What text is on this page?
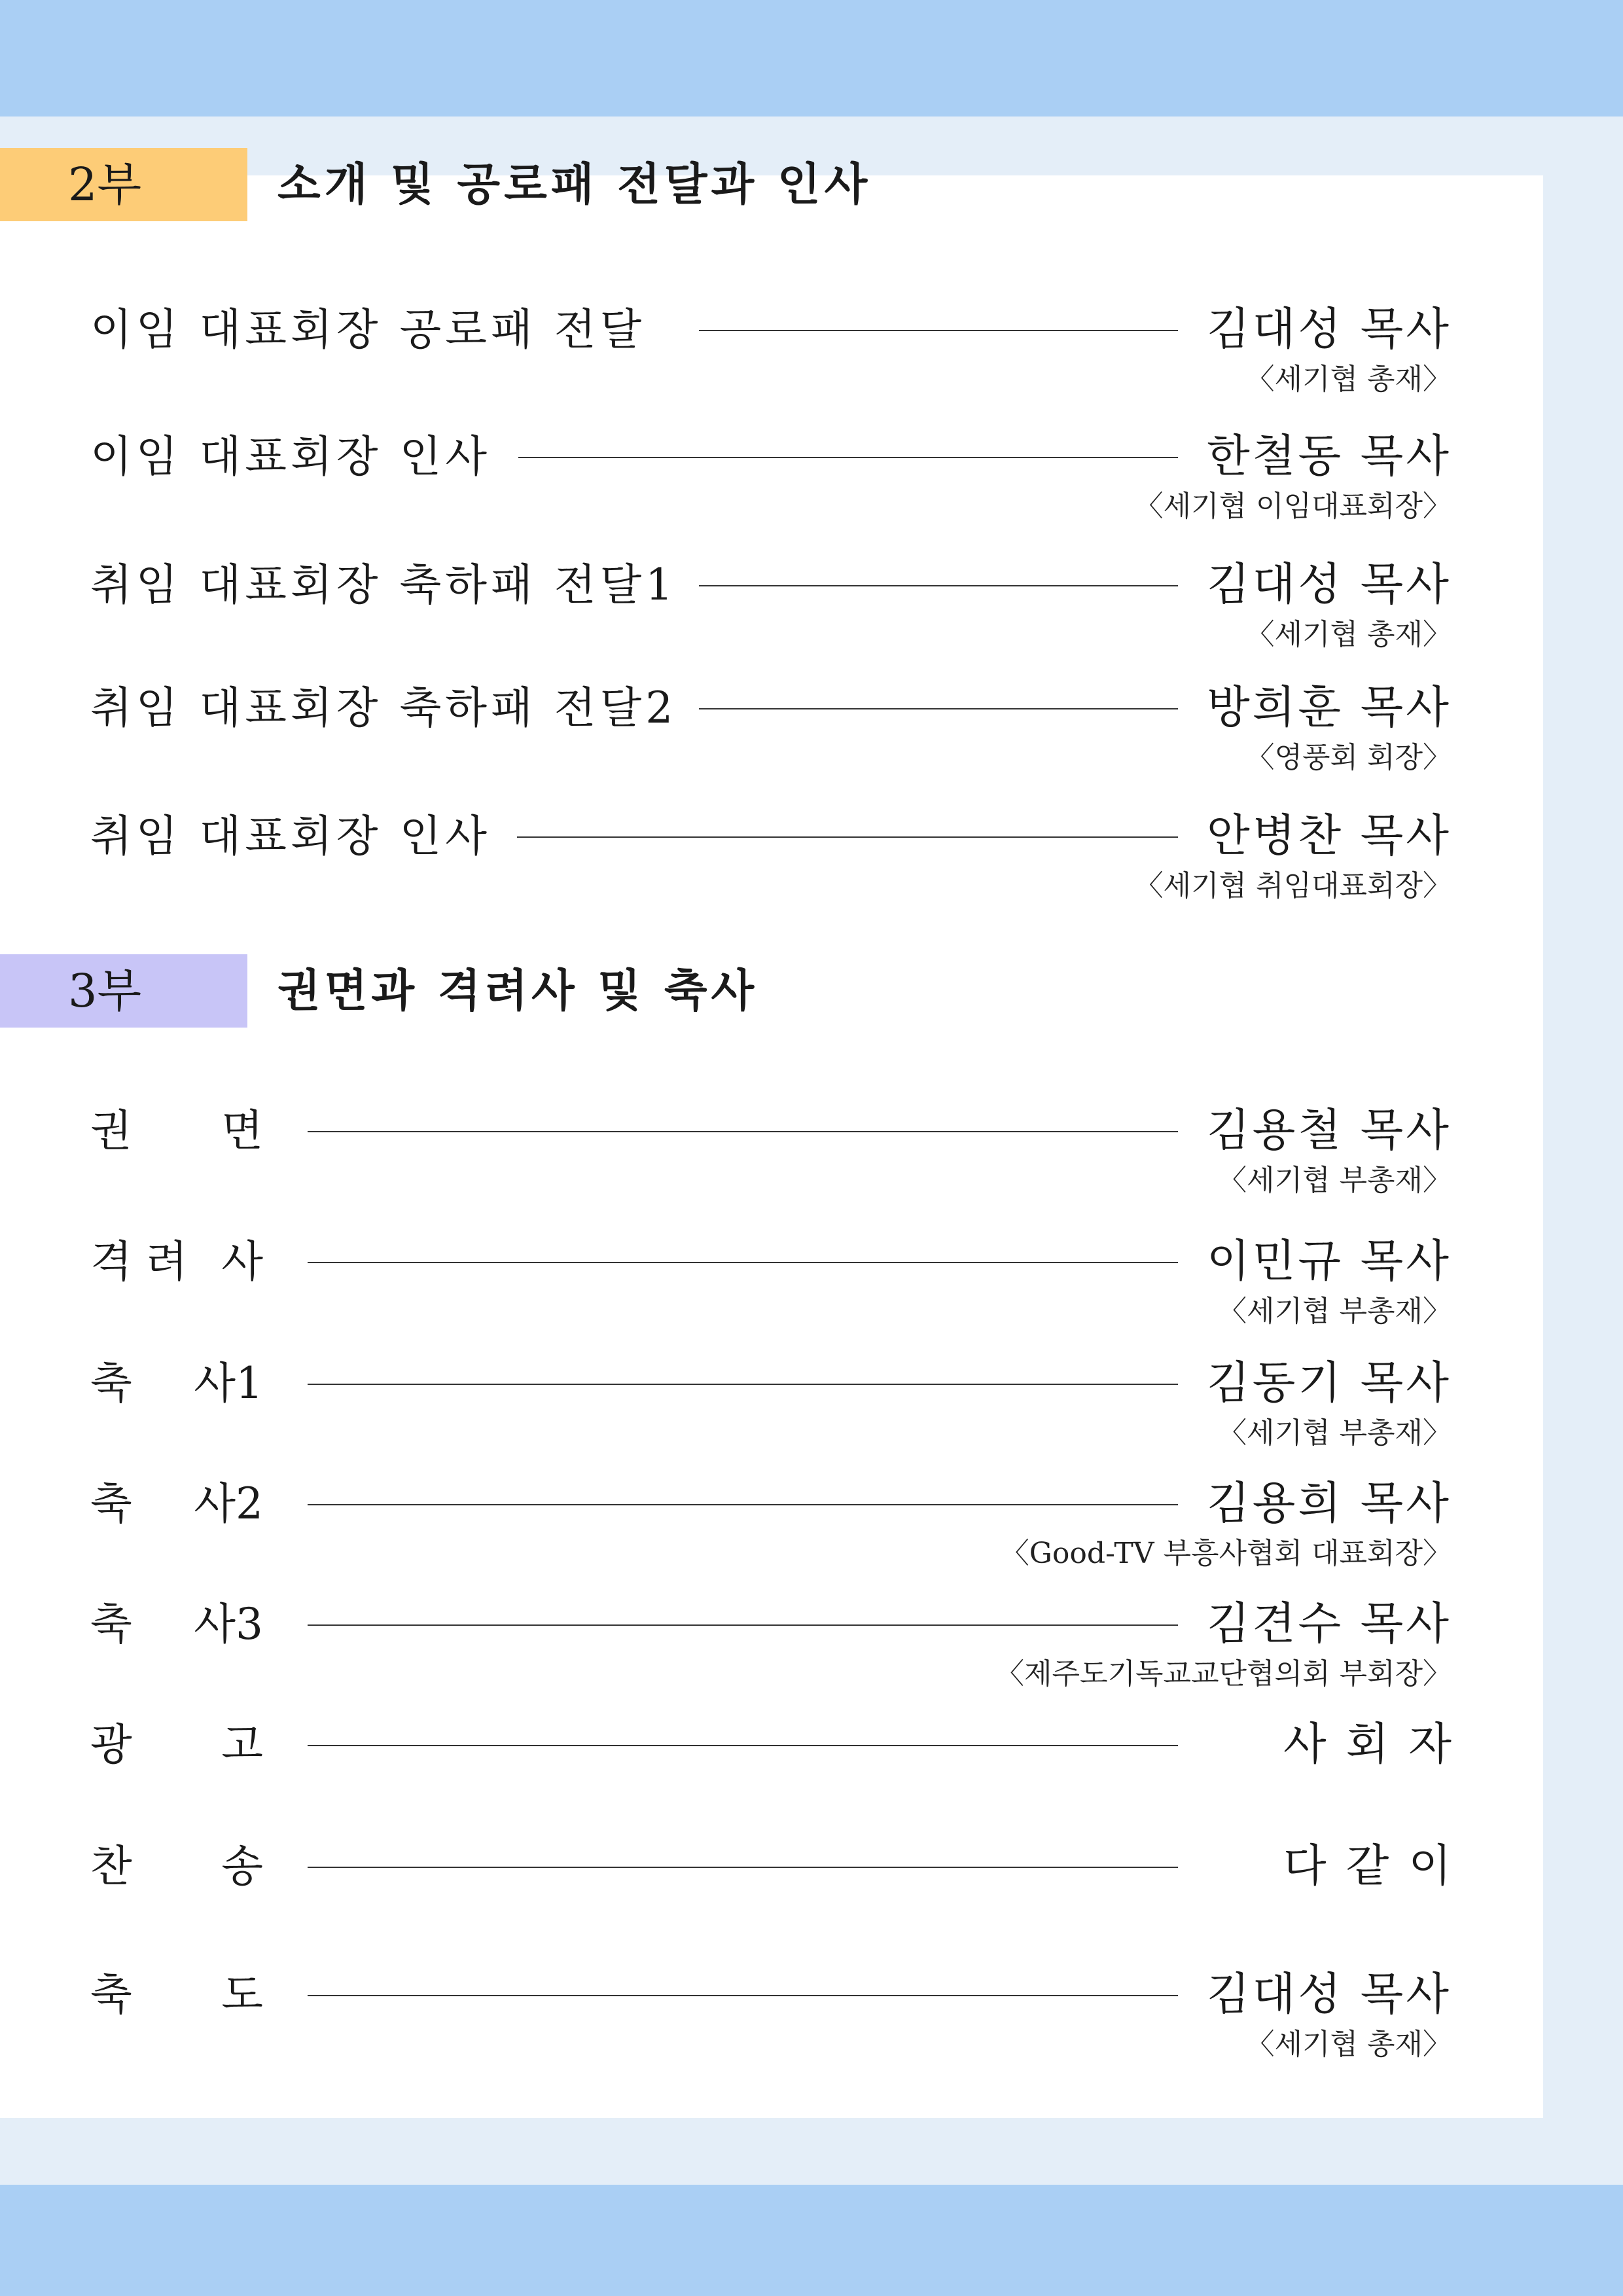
2부	소개 및 공로패 전달과 인사
이임 대표회장 공로패 전달	김대성 목사
〈세기협 총재〉
이임 대표회장 인사	한철동 목사
〈세기협 이임대표회장〉
취임 대표회장 축하패 전달1	김대성 목사
〈세기협 총재〉
취임 대표회장 축하패 전달2	방희훈 목사
〈영풍회 회장〉
취임 대표회장 인사	안병찬 목사
〈세기협 취임대표회장〉
3부	권면과 격려사 및 축사
권 면	김용철 목사
〈세기협 부총재〉
격 려 사	이민규 목사
〈세기협 부총재〉
축 사1	김동기 목사
〈세기협 부총재〉
축 사2	김용희 목사
〈Good-TV 부흥사협회 대표회장〉
축 사3	김견수 목사
〈제주도기독교교단협의회 부회장〉
광 고	사회자
찬 송	다같이
축 도	김대성 목사
〈세기협 총재〉
